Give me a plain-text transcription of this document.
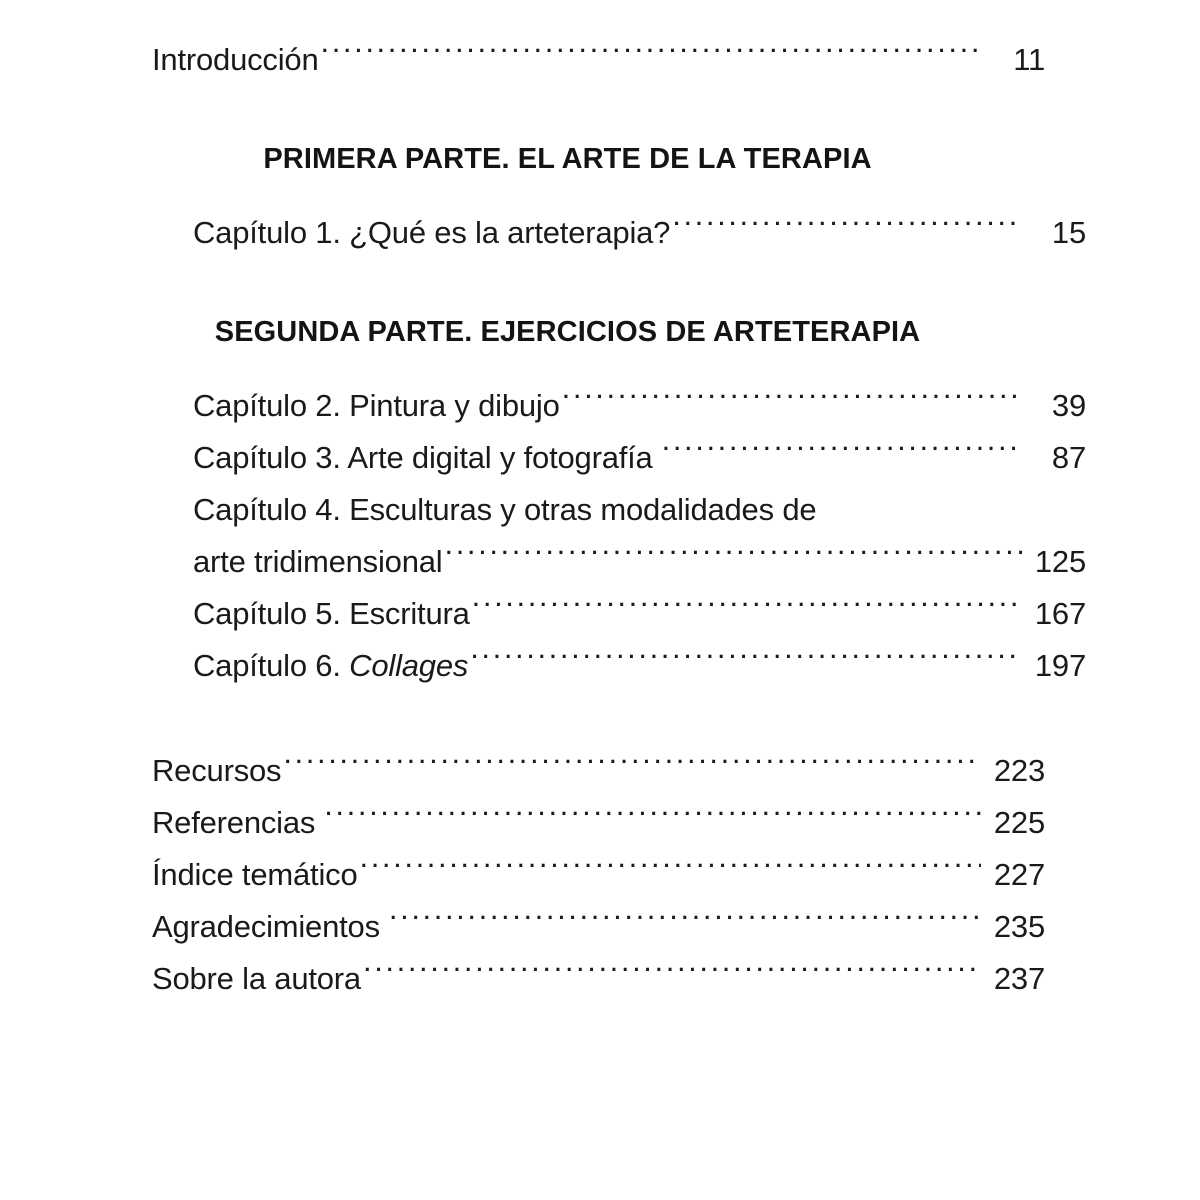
Introducción .....	11
PRIMERA PARTE. EL ARTE DE LA TERAPIA
Capítulo 1. ¿Qué es la arteterapia? .....	15
SEGUNDA PARTE. EJERCICIOS DE ARTETERAPIA
Capítulo 2. Pintura y dibujo .....	39
Capítulo 3. Arte digital y fotografía .....	87
Capítulo 4. Esculturas y otras modalidades de
arte tridimensional .....	125
Capítulo 5. Escritura .....	167
Capítulo 6. Collages .....	197
Recursos .....	223
Referencias .....	225
Índice temático .....	227
Agradecimientos .....	235
Sobre la autora .....	237
